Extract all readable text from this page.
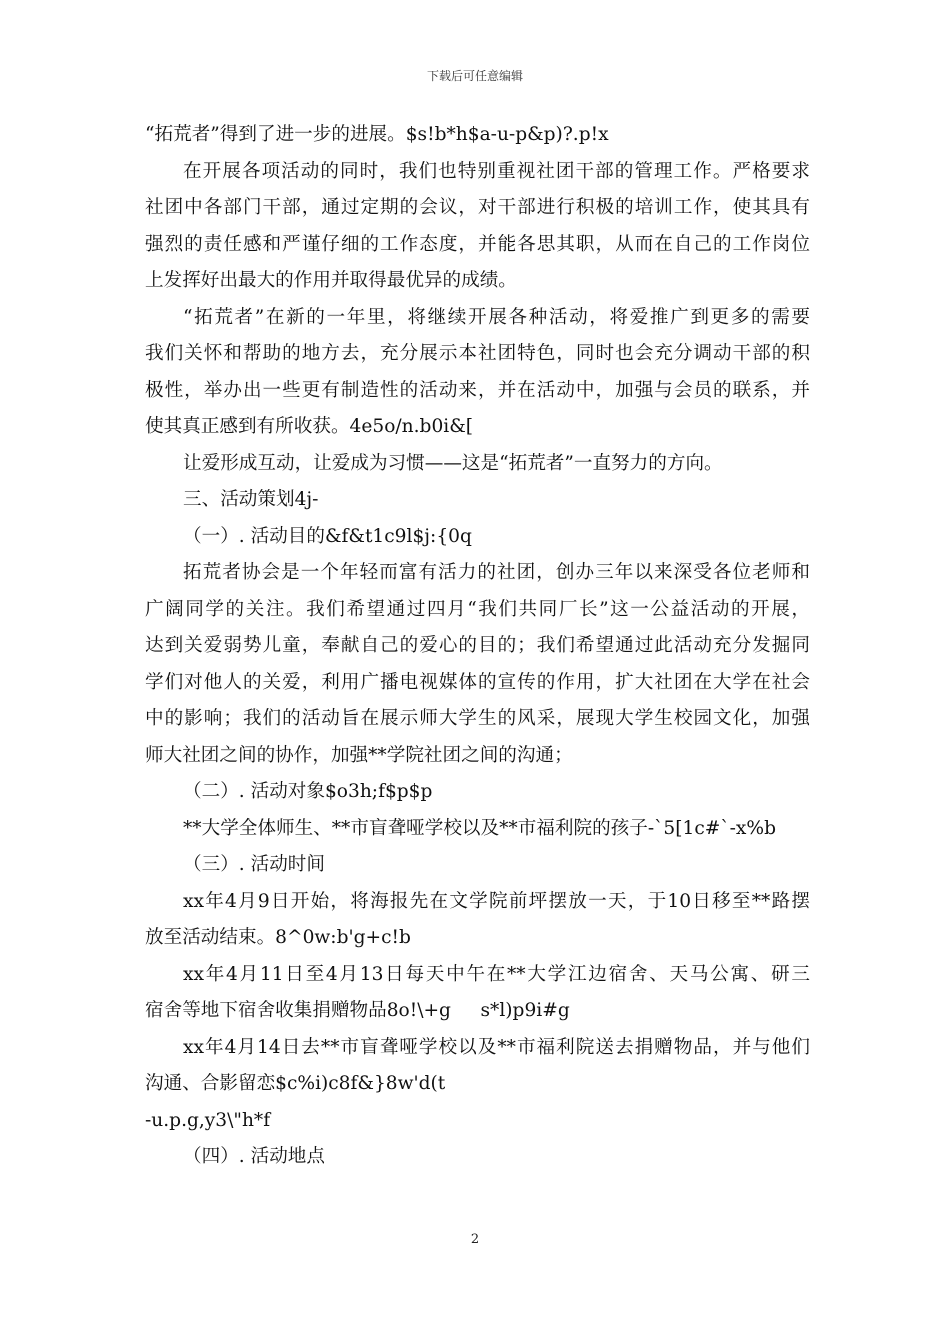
下载后可任意编辑
“拓荒者”得到了进一步的进展。$s!b*h$a-u-p&p)?.p!x
在开展各项活动的同时，我们也特别重视社团干部的管理工作。严格要求
社团中各部门干部，通过定期的会议，对干部进行积极的培训工作，使其具有
强烈的责任感和严谨仔细的工作态度，并能各思其职，从而在自己的工作岗位
上发挥好出最大的作用并取得最优异的成绩。
“拓荒者”在新的一年里，将继续开展各种活动，将爱推广到更多的需要
我们关怀和帮助的地方去，充分展示本社团特色，同时也会充分调动干部的积
极性，举办出一些更有制造性的活动来，并在活动中，加强与会员的联系，并
使其真正感到有所收获。4e5o/n.b0i&[
让爱形成互动，让爱成为习惯——这是“拓荒者”一直努力的方向。
三、活动策划4j-
（一）. 活动目的&f&t1c9l$j:{0q
拓荒者协会是一个年轻而富有活力的社团，创办三年以来深受各位老师和
广阔同学的关注。我们希望通过四月“我们共同厂长”这一公益活动的开展，
达到关爱弱势儿童，奉献自己的爱心的目的；我们希望通过此活动充分发掘同
学们对他人的关爱，利用广播电视媒体的宣传的作用，扩大社团在大学在社会
中的影响；我们的活动旨在展示师大学生的风采，展现大学生校园文化，加强
师大社团之间的协作，加强**学院社团之间的沟通；
（二）. 活动对象$o3h;f$p$p
**大学全体师生、**市盲聋哑学校以及**市福利院的孩子-`5[1c#`-x%b
（三）. 活动时间
xx年4月9日开始，将海报先在文学院前坪摆放一天，于10日移至**路摆
放至活动结束。8^0w:b'g+c!b
xx年4月11日至4月13日每天中午在**大学江边宿舍、天马公寓、研三
宿舍等地下宿舍收集捐赠物品8o!\+g     s*l)p9i#g
xx年4月14日去**市盲聋哑学校以及**市福利院送去捐赠物品，并与他们
沟通、合影留恋$c%i)c8f&}8w'd(t
-u.p.g,y3\"h*f
（四）. 活动地点
2
